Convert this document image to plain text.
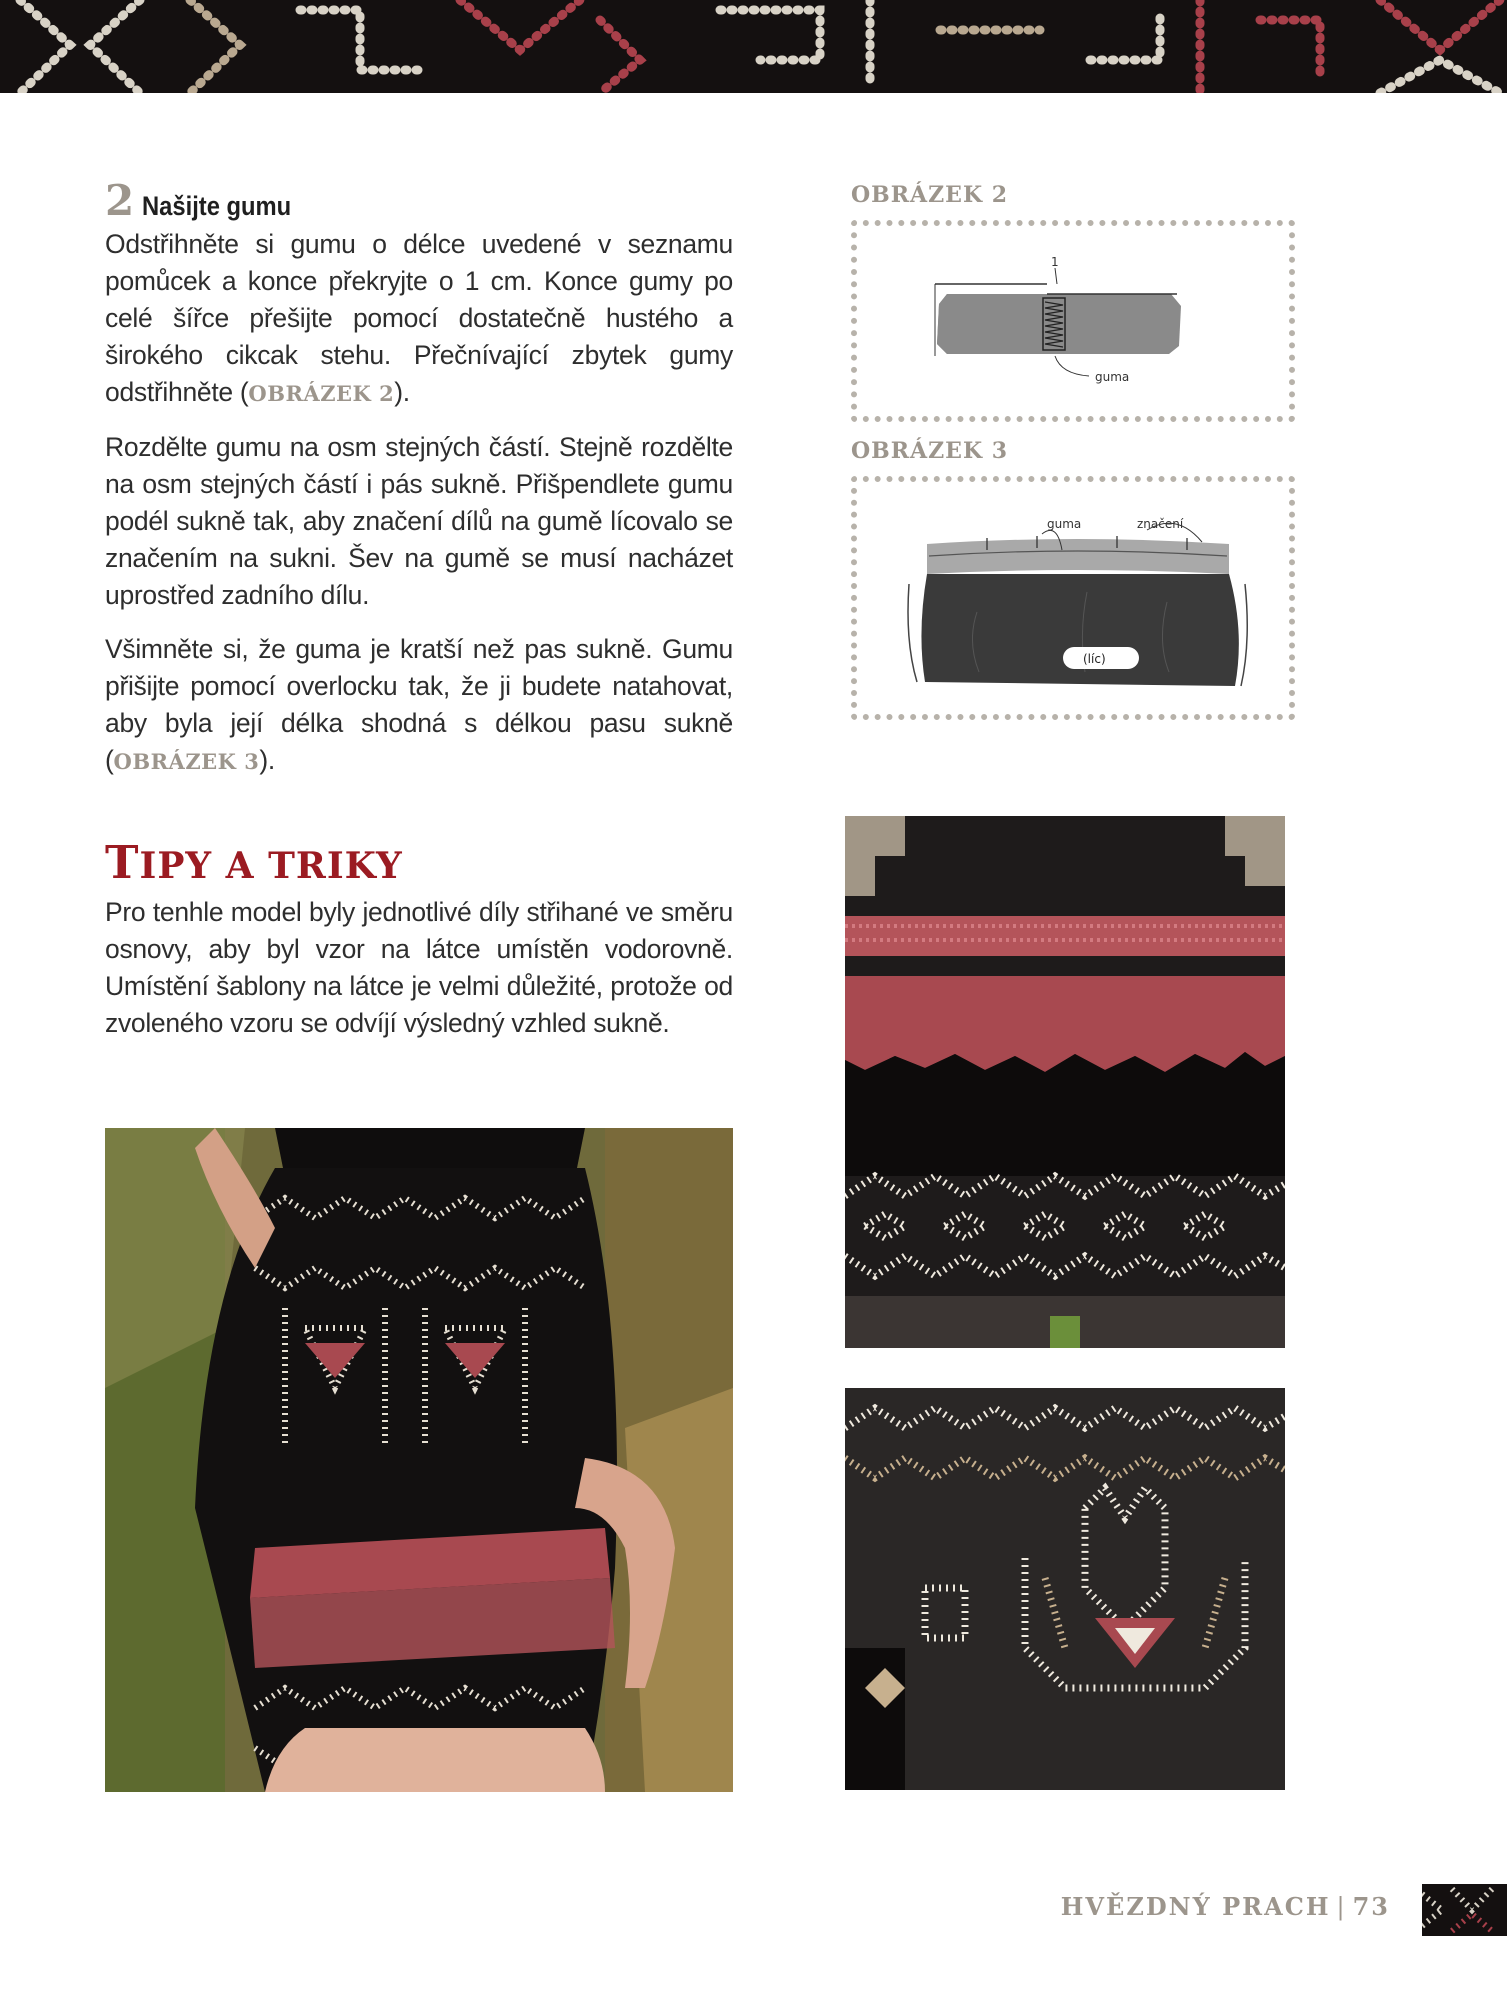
2 Našijte gumu

Odstřihněte si gumu o délce uvedené v seznamu pomůcek a konce překryjte o 1 cm. Konce gumy po celé šířce přešijte pomocí dostatečně hustého a širokého cikcak stehu. Přečnívající zbytek gumy odstřihněte (OBRÁZEK 2).

Rozdělte gumu na osm stejných částí. Stejně rozdělte na osm stejných částí i pás sukně. Přišpendlete gumu podél sukně tak, aby značení dílů na gumě lícovalo se značením na sukni. Šev na gumě se musí nacházet uprostřed zadního dílu.

Všimněte si, že guma je kratší než pas sukně. Gumu přišijte pomocí overlocku tak, že ji budete natahovat, aby byla její délka shodná s délkou pasu sukně (OBRÁZEK 3).

TIPY A TRIKY

Pro tenhle model byly jednotlivé díly střihané ve směru osnovy, aby byl vzor na látce umístěn vodorovně. Umístění šablony na látce je velmi důležité, protože od zvoleného vzoru se odvíjí výsledný vzhled sukně.

OBRÁZEK 2
1
guma
OBRÁZEK 3
guma	značení
(líc)
HVĚZDNÝ PRACH | 73
